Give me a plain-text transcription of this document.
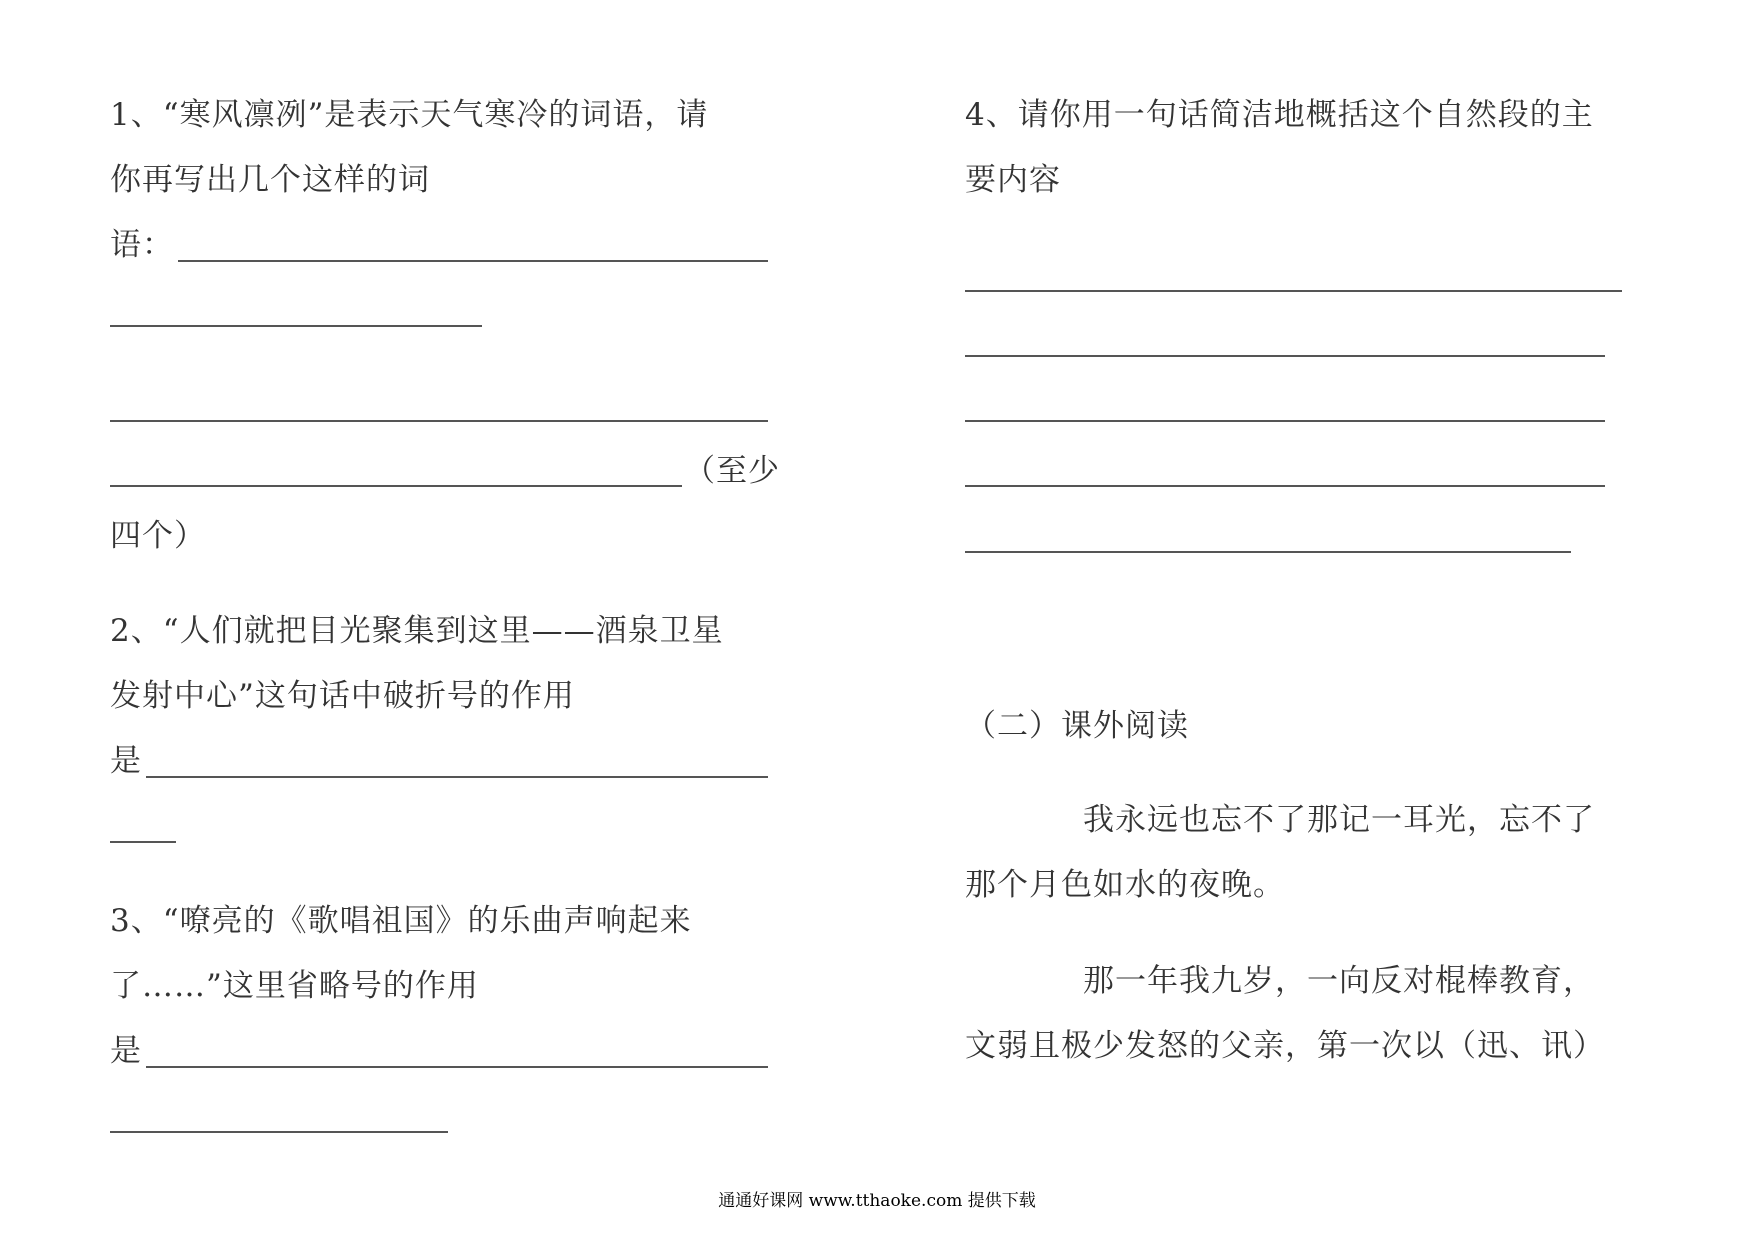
1、“寒风凛冽”是表示天气寒冷的词语，请
你再写出几个这样的词
语：
（至少
四个）
2、“人们就把目光聚集到这里——酒泉卫星
发射中心”这句话中破折号的作用
是
3、“嘹亮的《歌唱祖国》的乐曲声响起来
了……”这里省略号的作用
是
4、请你用一句话简洁地概括这个自然段的主
要内容
（二）课外阅读
我永远也忘不了那记一耳光，忘不了
那个月色如水的夜晚。
那一年我九岁，一向反对棍棒教育，
文弱且极少发怒的父亲，第一次以（迅、讯）
通通好课网 www.tthaoke.com 提供下载
